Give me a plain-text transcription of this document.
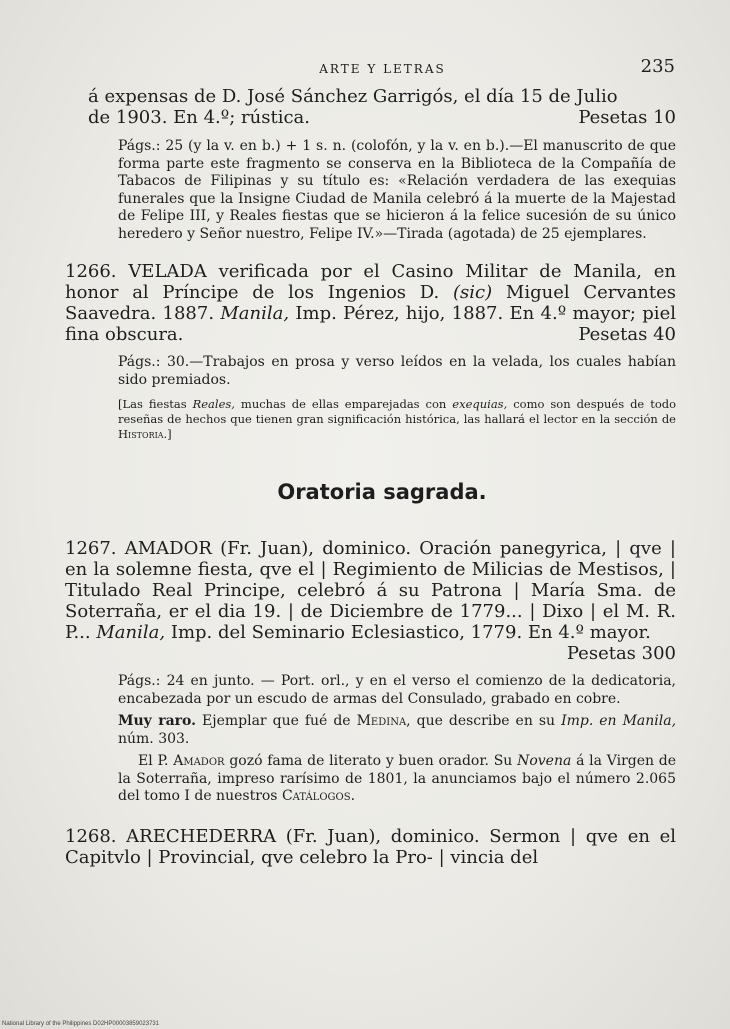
ARTE Y LETRAS	235

á expensas de D. José Sánchez Garrigós, el día 15 de Julio

de 1903. En 4.º; rústica.	Pesetas 10

Págs.: 25 (y la v. en b.) + 1 s. n. (colofón, y la v. en b.).—El manuscrito de que forma parte este fragmento se conserva en la Biblioteca de la Compañía de Tabacos de Filipinas y su título es: «Relación verdadera de las exequias funerales que la Insigne Ciudad de Manila celebró á la muerte de la Majestad de Felipe III, y Reales fiestas que se hicieron á la felice sucesión de su único heredero y Señor nuestro, Felipe IV.»—Tirada (agotada) de 25 ejemplares.

1266. VELADA verificada por el Casino Militar de Manila, en honor al Príncipe de los Ingenios D. (sic) Miguel Cervantes Saavedra. 1887. Manila, Imp. Pérez, hijo, 1887. En 4.º mayor; piel fina obscura.	Pesetas 40

Págs.: 30.—Trabajos en prosa y verso leídos en la velada, los cuales habían sido premiados.

[Las fiestas Reales, muchas de ellas emparejadas con exequias, como son después de todo reseñas de hechos que tienen gran significación histórica, las hallará el lector en la sección de Historia.]

Oratoria sagrada.

1267. AMADOR (Fr. Juan), dominico. Oración panegyrica, | qve | en la solemne fiesta, qve el | Regimiento de Milicias de Mestisos, | Titulado Real Principe, celebró á su Patrona | María Sma. de Soterraña, er el dia 19. | de Diciembre de 1779... | Dixo | el M. R. P... Manila, Imp. del Seminario Eclesiastico, 1779. En 4.º mayor.
Pesetas 300

Págs.: 24 en junto. — Port. orl., y en el verso el comienzo de la dedicatoria, encabezada por un escudo de armas del Consulado, grabado en cobre.

Muy raro. Ejemplar que fué de Medina, que describe en su Imp. en Manila, núm. 303.

El P. Amador gozó fama de literato y buen orador. Su Novena á la Virgen de la Soterraña, impreso rarísimo de 1801, la anunciamos bajo el número 2.065 del tomo I de nuestros Catálogos.

1268. ARECHEDERRA (Fr. Juan), dominico. Sermon | qve en el Capitvlo | Provincial, qve celebro la Pro- | vincia del

National Library of the Philippines D02HP00003859023731
